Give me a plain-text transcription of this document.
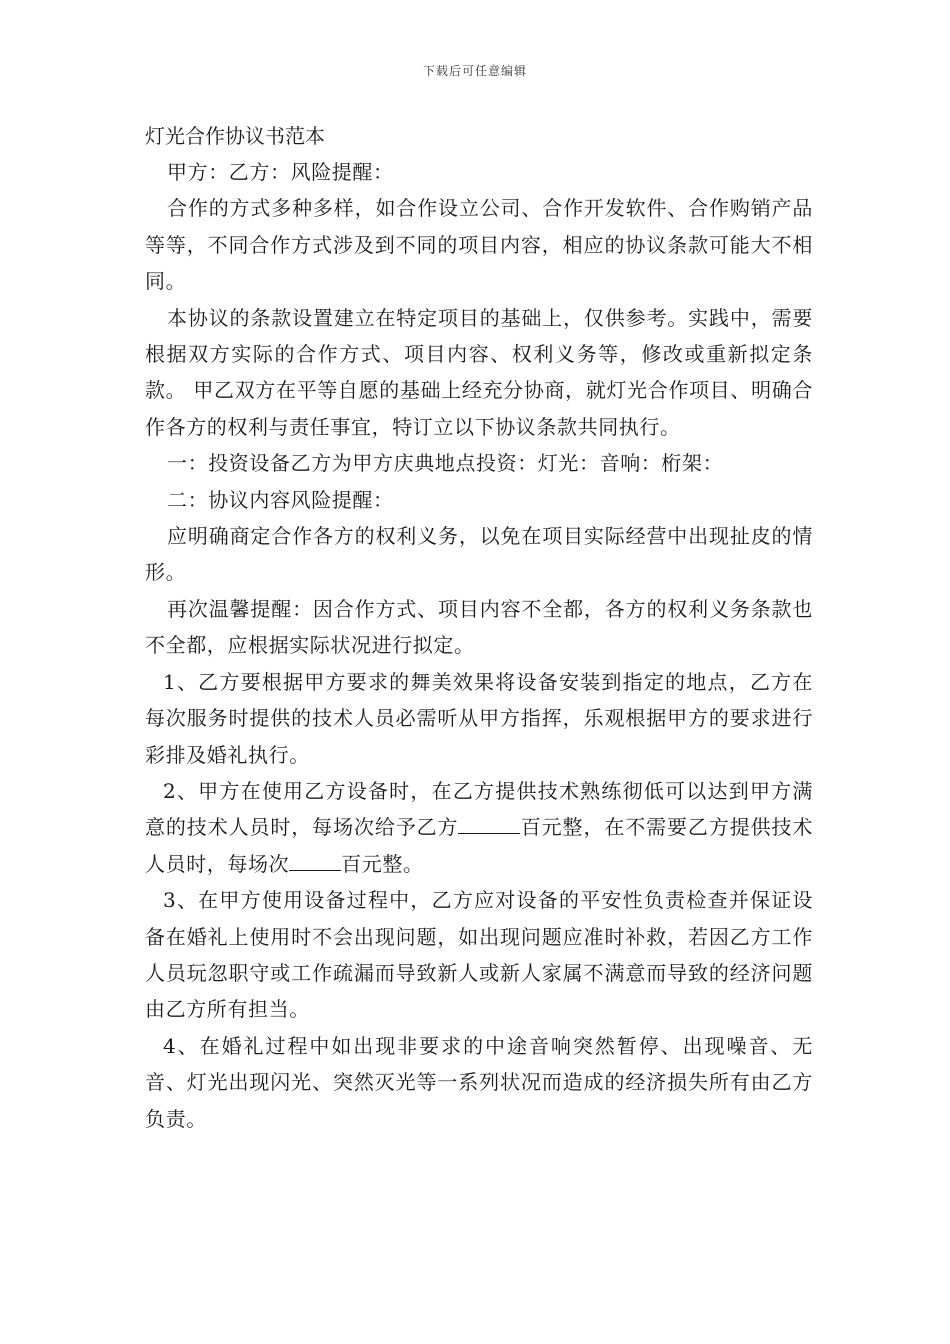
下载后可任意编辑

灯光合作协议书范本

甲方：乙方：风险提醒：

合作的方式多种多样，如合作设立公司、合作开发软件、合作购销产品等等，不同合作方式涉及到不同的项目内容，相应的协议条款可能大不相同。

本协议的条款设置建立在特定项目的基础上，仅供参考。实践中，需要根据双方实际的合作方式、项目内容、权利义务等，修改或重新拟定条款。 甲乙双方在平等自愿的基础上经充分协商，就灯光合作项目、明确合作各方的权利与责任事宜，特订立以下协议条款共同执行。

一：投资设备乙方为甲方庆典地点投资：灯光：音响：桁架：

二：协议内容风险提醒：

应明确商定合作各方的权利义务，以免在项目实际经营中出现扯皮的情形。

再次温馨提醒：因合作方式、项目内容不全都，各方的权利义务条款也不全都，应根据实际状况进行拟定。

1、乙方要根据甲方要求的舞美效果将设备安装到指定的地点，乙方在每次服务时提供的技术人员必需听从甲方指挥，乐观根据甲方的要求进行彩排及婚礼执行。

2、甲方在使用乙方设备时，在乙方提供技术熟练彻低可以达到甲方满意的技术人员时，每场次给予乙方	百元整，在不需要乙方提供技术人员时，每场次	百元整。

3、在甲方使用设备过程中，乙方应对设备的平安性负责检查并保证设备在婚礼上使用时不会出现问题，如出现问题应准时补救，若因乙方工作人员玩忽职守或工作疏漏而导致新人或新人家属不满意而导致的经济问题由乙方所有担当。

4、在婚礼过程中如出现非要求的中途音响突然暂停、出现噪音、无音、灯光出现闪光、突然灭光等一系列状况而造成的经济损失所有由乙方负责。
